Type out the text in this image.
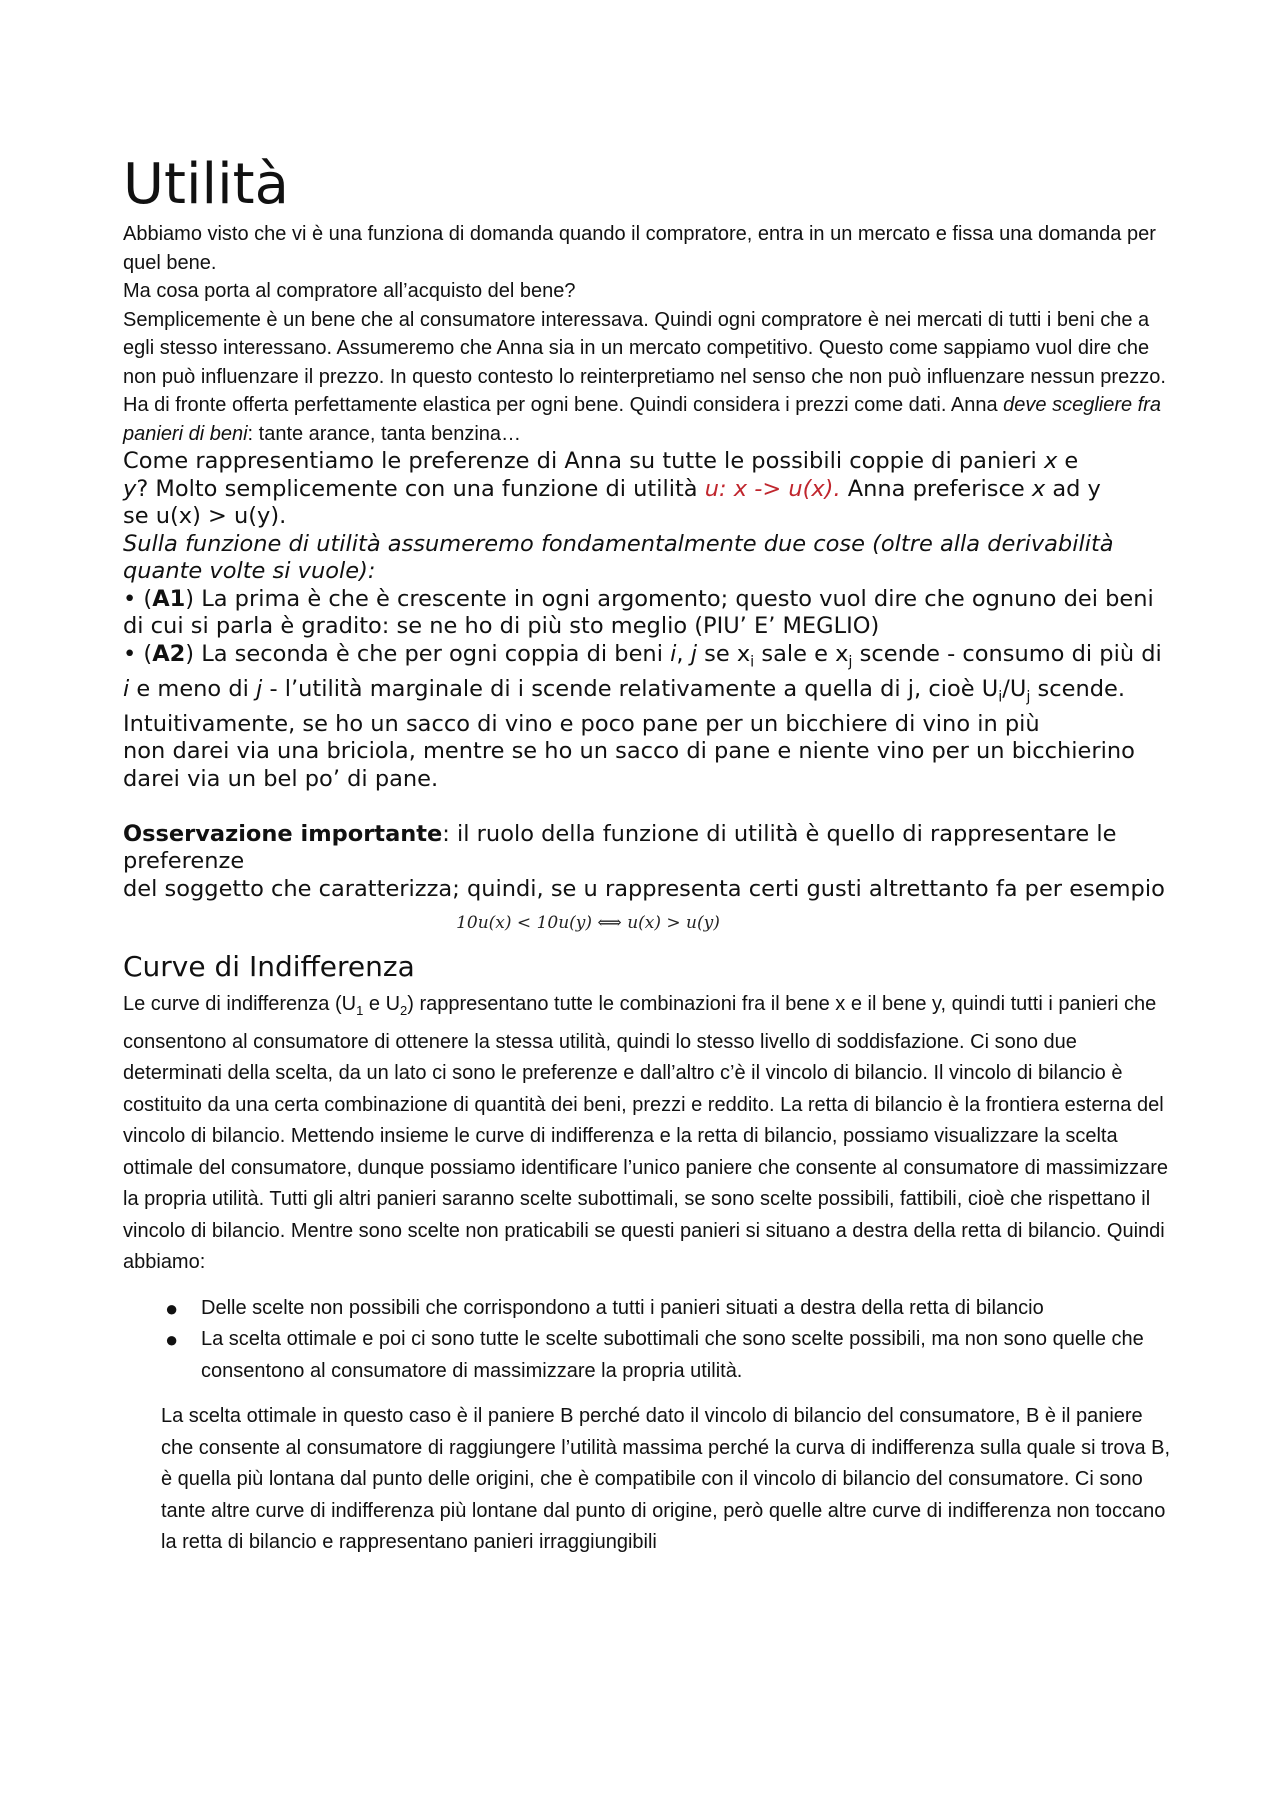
Utilità

Abbiamo visto che vi è una funziona di domanda quando il compratore, entra in un mercato e fissa una domanda per quel bene.

Ma cosa porta al compratore all’acquisto del bene?

Semplicemente è un bene che al consumatore interessava. Quindi ogni compratore è nei mercati di tutti i beni che a egli stesso interessano. Assumeremo che Anna sia in un mercato competitivo. Questo come sappiamo vuol dire che non può influenzare il prezzo. In questo contesto lo reinterpretiamo nel senso che non può influenzare nessun prezzo. Ha di fronte offerta perfettamente elastica per ogni bene. Quindi considera i prezzi come dati. Anna deve scegliere fra panieri di beni: tante arance, tanta benzina…

Come rappresentiamo le preferenze di Anna su tutte le possibili coppie di panieri x e
y? Molto semplicemente con una funzione di utilità u: x -> u(x). Anna preferisce x ad y
se u(x) > u(y).

Sulla funzione di utilità assumeremo fondamentalmente due cose (oltre alla derivabilità quante volte si vuole):

• (A1) La prima è che è crescente in ogni argomento; questo vuol dire che ognuno dei beni
di cui si parla è gradito: se ne ho di più sto meglio (PIU’ E’ MEGLIO)

• (A2) La seconda è che per ogni coppia di beni i, j se $x_i$ sale e $x_j$ scende - consumo di più di i e meno di j - l’utilità marginale di i scende relativamente a quella di j, cioè $U_i/U_j$ scende. Intuitivamente, se ho un sacco di vino e poco pane per un bicchiere di vino in più
non darei via una briciola, mentre se ho un sacco di pane e niente vino per un bicchierino
darei via un bel po’ di pane.

Osservazione importante: il ruolo della funzione di utilità è quello di rappresentare le preferenze
del soggetto che caratterizza; quindi, se u rappresenta certi gusti altrettanto fa per esempio

10u(x) < 10u(y) ⟺ u(x) > u(y)
Curve di Indifferenza

Le curve di indifferenza ($U_1$ e $U_2$) rappresentano tutte le combinazioni fra il bene x e il bene y, quindi tutti i panieri che consentono al consumatore di ottenere la stessa utilità, quindi lo stesso livello di soddisfazione. Ci sono due determinati della scelta, da un lato ci sono le preferenze e dall’altro c’è il vincolo di bilancio. Il vincolo di bilancio è costituito da una certa combinazione di quantità dei beni, prezzi e reddito. La retta di bilancio è la frontiera esterna del vincolo di bilancio. Mettendo insieme le curve di indifferenza e la retta di bilancio, possiamo visualizzare la scelta ottimale del consumatore, dunque possiamo identificare l’unico paniere che consente al consumatore di massimizzare la propria utilità. Tutti gli altri panieri saranno scelte subottimali, se sono scelte possibili, fattibili, cioè che rispettano il vincolo di bilancio. Mentre sono scelte non praticabili se questi panieri si situano a destra della retta di bilancio. Quindi abbiamo:

● Delle scelte non possibili che corrispondono a tutti i panieri situati a destra della retta di bilancio
● La scelta ottimale e poi ci sono tutte le scelte subottimali che sono scelte possibili, ma non sono quelle che consentono al consumatore di massimizzare la propria utilità.

La scelta ottimale in questo caso è il paniere B perché dato il vincolo di bilancio del consumatore, B è il paniere che consente al consumatore di raggiungere l’utilità massima perché la curva di indifferenza sulla quale si trova B, è quella più lontana dal punto delle origini, che è compatibile con il vincolo di bilancio del consumatore. Ci sono tante altre curve di indifferenza più lontane dal punto di origine, però quelle altre curve di indifferenza non toccano la retta di bilancio e rappresentano panieri irraggiungibili
